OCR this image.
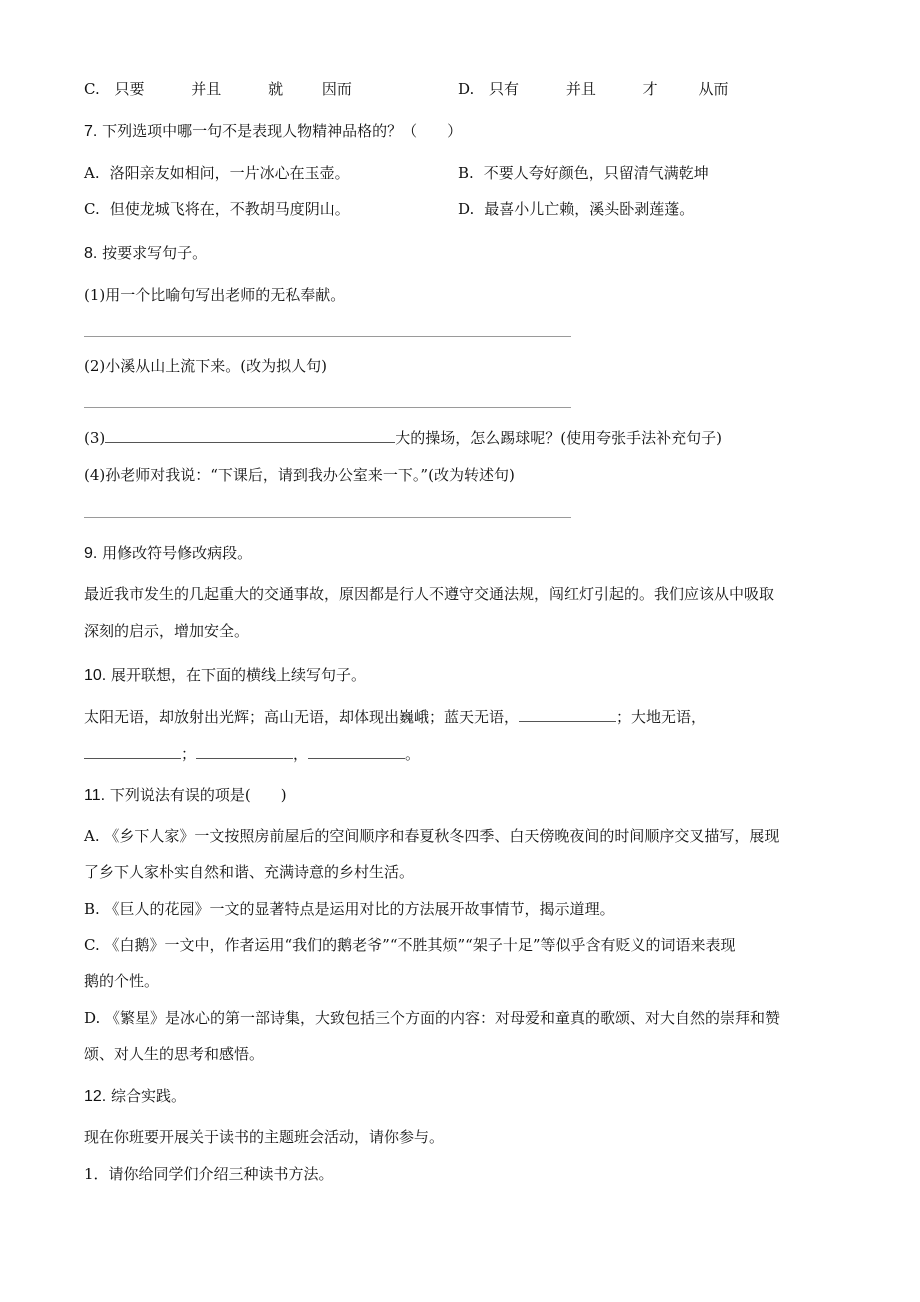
C. 只要	并且	就	因而	D. 只有	并且	才	从而
7. 下列选项中哪一句不是表现人物精神品格的？（　　）
A. 洛阳亲友如相问，一片冰心在玉壶。	B. 不要人夸好颜色，只留清气满乾坤
C. 但使龙城飞将在，不教胡马度阴山。	D. 最喜小儿亡赖，溪头卧剥莲蓬。
8. 按要求写句子。
(1)用一个比喻句写出老师的无私奉献。
(2)小溪从山上流下来。(改为拟人句)
(3)	大的操场，怎么踢球呢？(使用夸张手法补充句子)
(4)孙老师对我说：“下课后，请到我办公室来一下。”(改为转述句)
9. 用修改符号修改病段。
最近我市发生的几起重大的交通事故，原因都是行人不遵守交通法规，闯红灯引起的。我们应该从中吸取
深刻的启示，增加安全。
10. 展开联想，在下面的横线上续写句子。
太阳无语，却放射出光辉；高山无语，却体现出巍峨；蓝天无语，	；大地无语，
；	，	。
11. 下列说法有误的项是(　　)
A. 《乡下人家》一文按照房前屋后的空间顺序和春夏秋冬四季、白天傍晚夜间的时间顺序交叉描写，展现
了乡下人家朴实自然和谐、充满诗意的乡村生活。
B. 《巨人的花园》一文的显著特点是运用对比的方法展开故事情节，揭示道理。
C. 《白鹅》一文中，作者运用“我们的鹅老爷”“不胜其烦”“架子十足”等似乎含有贬义的词语来表现
鹅的个性。
D. 《繁星》是冰心的第一部诗集，大致包括三个方面的内容：对母爱和童真的歌颂、对大自然的崇拜和赞
颂、对人生的思考和感悟。
12. 综合实践。
现在你班要开展关于读书的主题班会活动，请你参与。
1．请你给同学们介绍三种读书方法。
